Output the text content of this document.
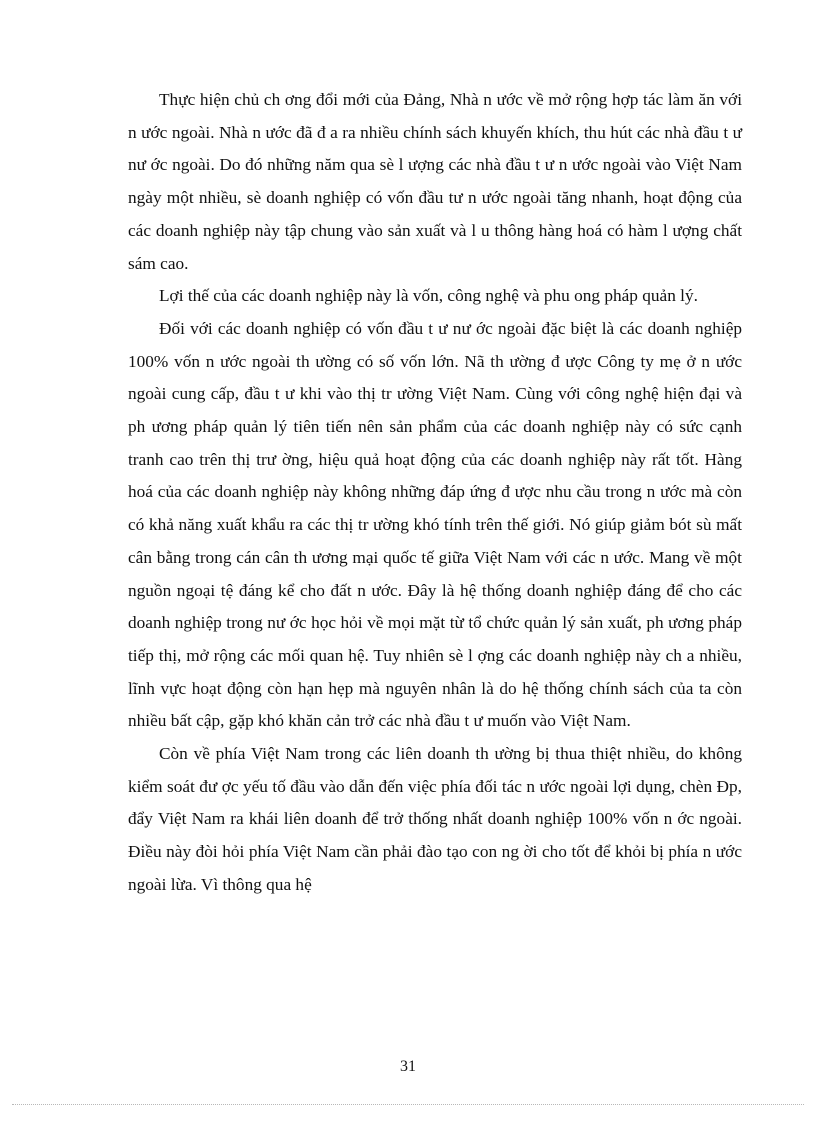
Thực hiện chủ ch ơng đổi mới của Đảng, Nhà n ước về mở rộng hợp tác làm ăn với n ước ngoài. Nhà n ước đã đ a ra nhiều chính sách khuyến khích, thu hút các nhà đầu t ư nư ớc ngoài. Do đó những năm qua sè l ượng các nhà đầu t ư n ước ngoài vào Việt Nam ngày một nhiều, sè doanh nghiệp có vốn đầu tư n ước ngoài tăng nhanh, hoạt động của các doanh nghiệp này tập chung vào sản xuất và l u thông hàng hoá có hàm l ượng chất sám cao.

Lợi thế của các doanh nghiệp này là vốn, công nghệ và phu ong pháp quản lý.

Đối với các doanh nghiệp có vốn đầu t ư nư ớc ngoài đặc biệt là các doanh nghiệp 100% vốn n ước ngoài th ường có số vốn lớn. Nã th ường đ ược Công ty mẹ ở n ước ngoài cung cấp, đầu t ư khi vào thị tr ường Việt Nam. Cùng với công nghệ hiện đại và ph ương pháp quản lý tiên tiến nên sản phẩm của các doanh nghiệp này có sức cạnh tranh cao trên thị trư ờng, hiệu quả hoạt động của các doanh nghiệp này rất tốt. Hàng hoá của các doanh nghiệp này không những đáp ứng đ ược nhu cầu trong n ước mà còn có khả năng xuất khẩu ra các thị tr ường khó tính trên thế giới. Nó giúp giảm bót sù mất cân bằng trong cán cân th ương mại quốc tế giữa Việt Nam với các n ước. Mang về một nguồn ngoại tệ đáng kể cho đất n ước. Đây là hệ thống doanh nghiệp đáng để cho các doanh nghiệp trong nư ớc học hỏi về mọi mặt từ tổ chức quản lý sản xuất, ph ương pháp tiếp thị, mở rộng các mối quan hệ. Tuy nhiên sè l ợng các doanh nghiệp này ch a nhiều, lĩnh vực hoạt động còn hạn hẹp mà nguyên nhân là do hệ thống chính sách của ta còn nhiều bất cập, gặp khó khăn cản trở các nhà đầu t ư muốn vào Việt Nam.

Còn về phía Việt Nam trong các liên doanh th ường bị thua thiệt nhiều, do không kiểm soát đư ợc yếu tố đầu vào dẫn đến việc phía đối tác n ước ngoài lợi dụng, chèn Đp, đẩy Việt Nam ra khái liên doanh để trở thống nhất doanh nghiệp 100% vốn n ớc ngoài. Điều này đòi hỏi phía Việt Nam cần phải đào tạo con ng ời cho tốt để khỏi bị phía n ước ngoài lừa. Vì thông qua hệ

31
